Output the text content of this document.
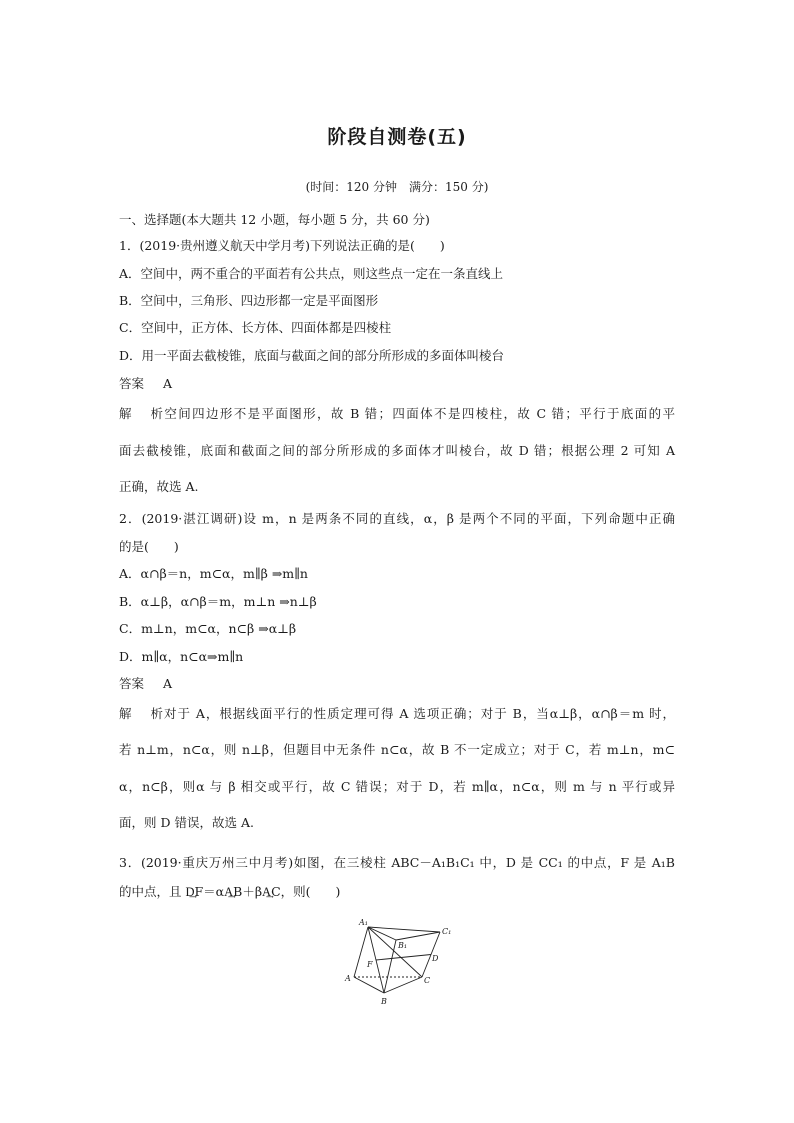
阶段自测卷(五)
(时间：120 分钟　满分：150 分)
一、选择题(本大题共 12 小题，每小题 5 分，共 60 分)
1．(2019·贵州遵义航天中学月考)下列说法正确的是(　　)
A．空间中，两不重合的平面若有公共点，则这些点一定在一条直线上
B．空间中，三角形、四边形都一定是平面图形
C．空间中，正方体、长方体、四面体都是四棱柱
D．用一平面去截棱锥，底面与截面之间的部分所形成的多面体叫棱台
答案 A
解析空间四边形不是平面图形，故 B 错；四面体不是四棱柱，故 C 错；平行于底面的平
面去截棱锥，底面和截面之间的部分所形成的多面体才叫棱台，故 D 错；根据公理 2 可知 A
正确，故选 A.
2．(2019·湛江调研)设 m，n 是两条不同的直线，α，β 是两个不同的平面，下列命题中正确
的是(　　)
A．α∩β＝n，m⊂α，m∥β ⇒m∥n
B．α⊥β，α∩β＝m，m⊥n ⇒n⊥β
C．m⊥n，m⊂α，n⊂β ⇒α⊥β
D．m∥α，n⊂α⇒m∥n
答案 A
解析对于 A，根据线面平行的性质定理可得 A 选项正确；对于 B，当α⊥β，α∩β＝m 时，
若 n⊥m，n⊂α，则 n⊥β，但题目中无条件 n⊂α，故 B 不一定成立；对于 C，若 m⊥n，m⊂
α，n⊂β，则α 与 β 相交或平行，故 C 错误；对于 D，若 m∥α，n⊂α，则 m 与 n 平行或异
面，则 D 错误，故选 A.
3．(2019·重庆万州三中月考)如图，在三棱柱 ABC－A₁B₁C₁ 中，D 是 CC₁ 的中点，F 是 A₁B
的中点，且 D͢F＝αA͢B＋βA͢C，则(　　)
A₁
C₁
B₁
D
F
A	C
B
